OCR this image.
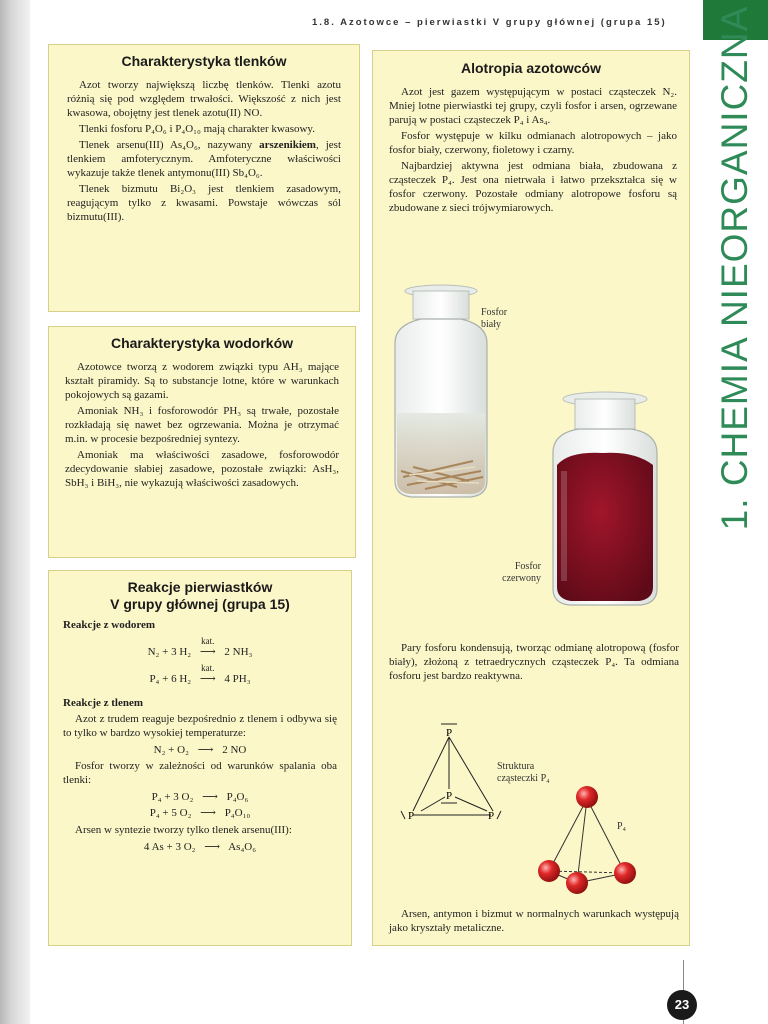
1.8. Azotowce – pierwiastki V grupy głównej (grupa 15)	1. CHEMIA NIEORGANICZNA
Charakterystyka tlenków

Azot tworzy największą liczbę tlenków. Tlenki azotu różnią się pod względem trwałości. Większość z nich jest kwasowa, obojętny jest tlenek azotu(II) NO.

Tlenki fosforu P₄O₆ i P₄O₁₀ mają charakter kwasowy.

Tlenek arsenu(III) As₄O₆, nazywany arszenikiem, jest tlenkiem amfoterycznym. Amfoteryczne właściwości wykazuje także tlenek antymonu(III) Sb₄O₆.

Tlenek bizmutu Bi₂O₃ jest tlenkiem zasadowym, reagującym tylko z kwasami. Powstaje wówczas sól bizmutu(III).

Charakterystyka wodorków

Azotowce tworzą z wodorem związki typu AH₃ mające kształt piramidy. Są to substancje lotne, które w warunkach pokojowych są gazami.

Amoniak NH₃ i fosforowodór PH₃ są trwałe, pozostałe rozkładają się nawet bez ogrzewania. Można je otrzymać m.in. w procesie bezpośredniej syntezy.

Amoniak ma właściwości zasadowe, fosforowodór zdecydowanie słabiej zasadowe, pozostałe związki: AsH₃, SbH₃ i BiH₃, nie wykazują właściwości zasadowych.

Reakcje pierwiastków
V grupy głównej (grupa 15)
Reakcje z wodorem
N₂ + 3 H₂
kat.
⟶ 2 NH₃
P₄ + 6 H₂
kat.
⟶ 4 PH₃
Reakcje z tlenem

Azot z trudem reaguje bezpośrednio z tlenem i odbywa się to tylko w bardzo wysokiej temperaturze:

N₂ + O₂ ⟶ 2 NO

Fosfor tworzy w zależności od warunków spalania oba tlenki:

P₄ + 3 O₂ ⟶ P₄O₆
P₄ + 5 O₂ ⟶ P₄O₁₀

Arsen w syntezie tworzy tylko tlenek arsenu(III):

4 As + 3 O₂ ⟶ As₄O₆
Alotropia azotowców

Azot jest gazem występującym w postaci cząsteczek N₂. Mniej lotne pierwiastki tej grupy, czyli fosfor i arsen, ogrzewane parują w postaci cząsteczek P₄ i As₄.

Fosfor występuje w kilku odmianach alotropowych – jako fosfor biały, czerwony, fioletowy i czarny.

Najbardziej aktywna jest odmiana biała, zbudowana z cząsteczek P₄. Jest ona nietrwała i łatwo przekształca się w fosfor czerwony. Pozostałe odmiany alotropowe fosforu są zbudowane z sieci trójwymiarowych.

Fosfor
biały
Fosfor
czerwony

Pary fosforu kondensują, tworząc odmianę alotropową (fosfor biały), złożoną z tetraedrycznych cząsteczek P₄. Ta odmiana fosforu jest bardzo reaktywna.

P
P
P	P
Struktura
cząsteczki P₄
P₄

Arsen, antymon i bizmut w normalnych warunkach występują jako kryształy metaliczne.

23
